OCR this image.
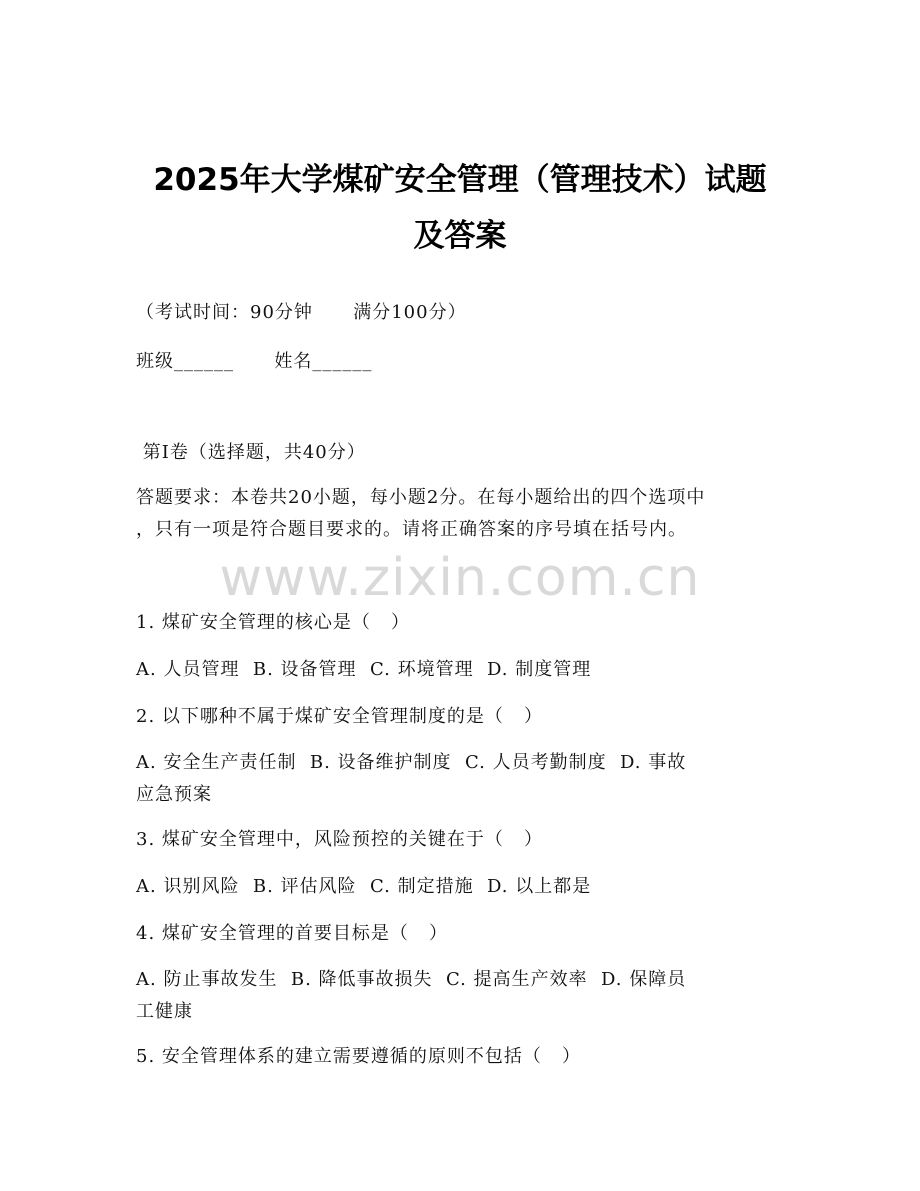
2025年大学煤矿安全管理（管理技术）试题
及答案
（考试时间：90分钟      满分100分）
班级______      姓名______
第I卷（选择题，共40分）
答题要求：本卷共20小题，每小题2分。在每小题给出的四个选项中
，只有一项是符合题目要求的。请将正确答案的序号填在括号内。
www.zixin.com.cn
1. 煤矿安全管理的核心是（   ）
A. 人员管理  B. 设备管理  C. 环境管理  D. 制度管理
2. 以下哪种不属于煤矿安全管理制度的是（   ）
A. 安全生产责任制  B. 设备维护制度  C. 人员考勤制度  D. 事故
应急预案
3. 煤矿安全管理中，风险预控的关键在于（   ）
A. 识别风险  B. 评估风险  C. 制定措施  D. 以上都是
4. 煤矿安全管理的首要目标是（   ）
A. 防止事故发生  B. 降低事故损失  C. 提高生产效率  D. 保障员
工健康
5. 安全管理体系的建立需要遵循的原则不包括（   ）
